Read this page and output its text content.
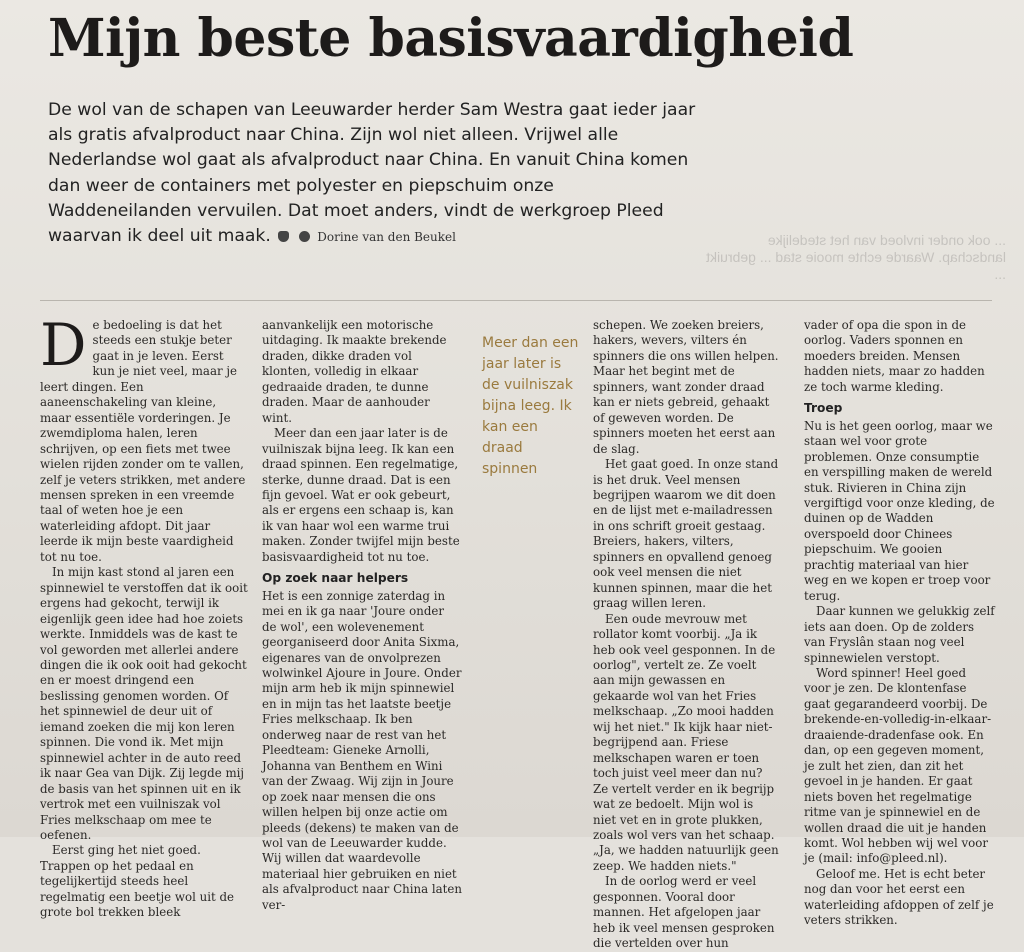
... ook onder invloed van het stedelijke landschap. Waarde echte mooie stad ... gebruikt ...
Mijn beste basisvaardigheid

De wol van de schapen van Leeuwarder herder Sam Westra gaat ieder jaar als gratis afvalproduct naar China. Zijn wol niet alleen. Vrijwel alle Nederlandse wol gaat als afvalproduct naar China. En vanuit China komen dan weer de containers met polyester en piepschuim onze Waddeneilanden vervuilen. Dat moet anders, vindt de werkgroep Pleed waarvan ik deel uit maak.	Dorine van den Beukel

De bedoeling is dat het steeds een stukje beter gaat in je leven. Eerst kun je niet veel, maar je leert dingen. Een aaneenschakeling van kleine, maar essentiële vorderingen. Je zwemdiploma halen, leren schrijven, op een fiets met twee wielen rijden zonder om te vallen, zelf je veters strikken, met andere mensen spreken in een vreemde taal of weten hoe je een waterleiding afdopt. Dit jaar leerde ik mijn beste vaardigheid tot nu toe.

In mijn kast stond al jaren een spinnewiel te verstoffen dat ik ooit ergens had gekocht, terwijl ik eigenlijk geen idee had hoe zoiets werkte. Inmiddels was de kast te vol geworden met allerlei andere dingen die ik ook ooit had gekocht en er moest dringend een beslissing genomen worden. Of het spinnewiel de deur uit of iemand zoeken die mij kon leren spinnen. Die vond ik. Met mijn spinnewiel achter in de auto reed ik naar Gea van Dijk. Zij legde mij de basis van het spinnen uit en ik vertrok met een vuilniszak vol Fries melkschaap om mee te oefenen.

Eerst ging het niet goed. Trappen op het pedaal en tegelijkertijd steeds heel regelmatig een beetje wol uit de grote bol trekken bleek

aanvankelijk een motorische uitdaging. Ik maakte brekende draden, dikke draden vol klonten, volledig in elkaar gedraaide draden, te dunne draden. Maar de aanhouder wint.

Meer dan een jaar later is de vuilniszak bijna leeg. Ik kan een draad spinnen. Een regelmatige, sterke, dunne draad. Dat is een fijn gevoel. Wat er ook gebeurt, als er ergens een schaap is, kan ik van haar wol een warme trui maken. Zonder twijfel mijn beste basisvaardigheid tot nu toe.

Op zoek naar helpers

Het is een zonnige zaterdag in mei en ik ga naar 'Joure onder de wol', een wolevenement georganiseerd door Anita Sixma, eigenares van de onvolprezen wolwinkel Ajoure in Joure. Onder mijn arm heb ik mijn spinnewiel en in mijn tas het laatste beetje Fries melkschaap. Ik ben onderweg naar de rest van het Pleedteam: Gieneke Arnolli, Johanna van Benthem en Wini van der Zwaag. Wij zijn in Joure op zoek naar mensen die ons willen helpen bij onze actie om pleeds (dekens) te maken van de wol van de Leeuwarder kudde. Wij willen dat waardevolle materiaal hier gebruiken en niet als afvalproduct naar China laten ver-

Meer dan een jaar later is de vuilniszak bijna leeg. Ik kan een draad spinnen

schepen. We zoeken breiers, hakers, wevers, vilters én spinners die ons willen helpen. Maar het begint met de spinners, want zonder draad kan er niets gebreid, gehaakt of geweven worden. De spinners moeten het eerst aan de slag.

Het gaat goed. In onze stand is het druk. Veel mensen begrijpen waarom we dit doen en de lijst met e-mailadressen in ons schrift groeit gestaag. Breiers, hakers, vilters, spinners en opvallend genoeg ook veel mensen die niet kunnen spinnen, maar die het graag willen leren.

Een oude mevrouw met rollator komt voorbij. „Ja ik heb ook veel gesponnen. In de oorlog", vertelt ze. Ze voelt aan mijn gewassen en gekaarde wol van het Fries melkschaap. „Zo mooi hadden wij het niet." Ik kijk haar niet-begrijpend aan. Friese melkschapen waren er toen toch juist veel meer dan nu? Ze vertelt verder en ik begrijp wat ze bedoelt. Mijn wol is niet vet en in grote plukken, zoals wol vers van het schaap. „Ja, we hadden natuurlijk geen zeep. We hadden niets."

In de oorlog werd er veel gesponnen. Vooral door mannen. Het afgelopen jaar heb ik veel mensen gesproken die vertelden over hun

vader of opa die spon in de oorlog. Vaders sponnen en moeders breiden. Mensen hadden niets, maar zo hadden ze toch warme kleding.

Troep

Nu is het geen oorlog, maar we staan wel voor grote problemen. Onze consumptie en verspilling maken de wereld stuk. Rivieren in China zijn vergiftigd voor onze kleding, de duinen op de Wadden overspoeld door Chinees piepschuim. We gooien prachtig materiaal van hier weg en we kopen er troep voor terug.

Daar kunnen we gelukkig zelf iets aan doen. Op de zolders van Fryslân staan nog veel spinnewielen verstopt.

Word spinner! Heel goed voor je zen. De klontenfase gaat gegarandeerd voorbij. De brekende-en-volledig-in-elkaar-draaiende-dradenfase ook. En dan, op een gegeven moment, je zult het zien, dan zit het gevoel in je handen. Er gaat niets boven het regelmatige ritme van je spinnewiel en de wollen draad die uit je handen komt. Wol hebben wij wel voor je (mail: info@pleed.nl).

Geloof me. Het is echt beter nog dan voor het eerst een waterleiding afdoppen of zelf je veters strikken.
